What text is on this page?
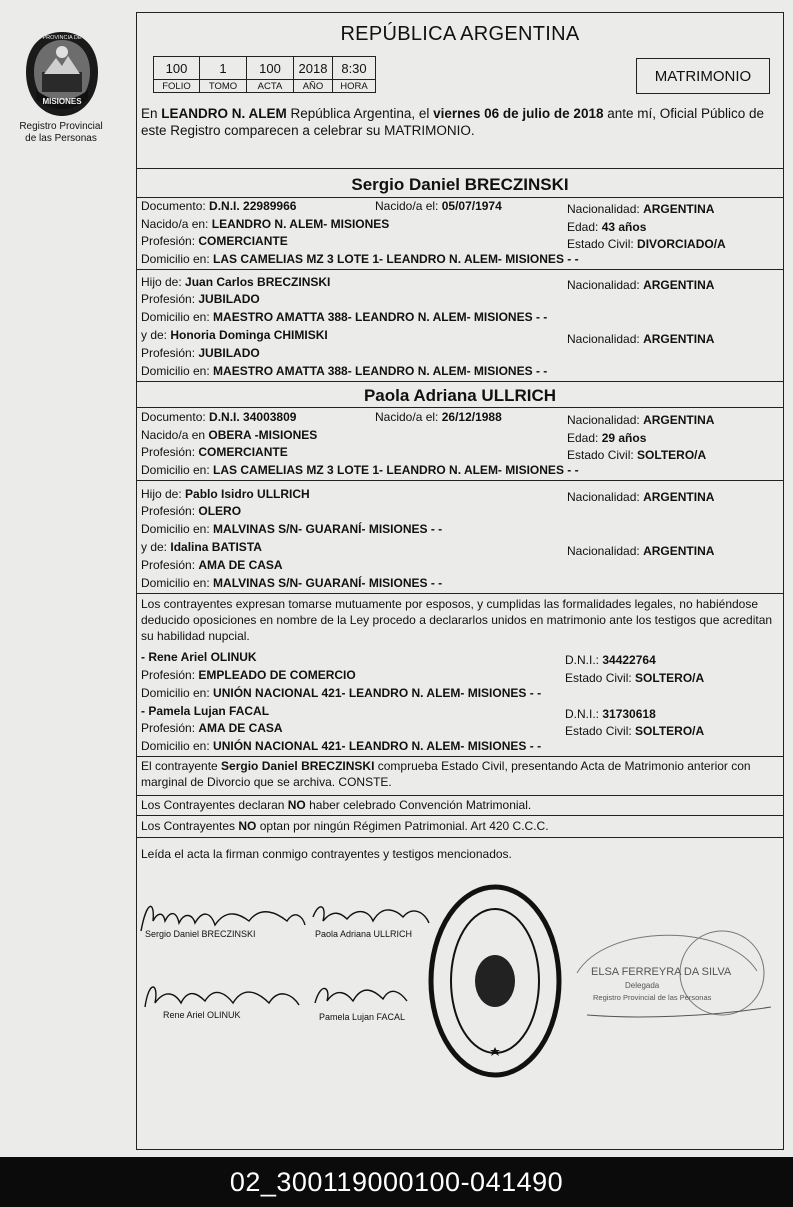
MISIONES
PROVINCIA DE
Registro Provincial
de las Personas
REPÚBLICA ARGENTINA
100	1	100	2018	8:30
FOLIO	TOMO	ACTA	AÑO	HORA
MATRIMONIO
En LEANDRO N. ALEM República Argentina, el viernes 06 de julio de 2018 ante mí, Oficial Público de este Registro comparecen a celebrar su MATRIMONIO.
Sergio Daniel BRECZINSKI
Documento: D.N.I. 22989966	Nacido/a el: 05/07/1974	Nacionalidad: ARGENTINA
Nacido/a en: LEANDRO N. ALEM- MISIONES	Edad: 43 años
Profesión: COMERCIANTE	Estado Civil: DIVORCIADO/A
Domicilio en: LAS CAMELIAS MZ 3 LOTE 1- LEANDRO N. ALEM- MISIONES - -
Hijo de: Juan Carlos BRECZINSKI	Nacionalidad: ARGENTINA
Profesión: JUBILADO
Domicilio en: MAESTRO AMATTA 388- LEANDRO N. ALEM- MISIONES - -
y de: Honoria Dominga CHIMISKI	Nacionalidad: ARGENTINA
Profesión: JUBILADO
Domicilio en: MAESTRO AMATTA 388- LEANDRO N. ALEM- MISIONES - -
Paola Adriana ULLRICH
Documento: D.N.I. 34003809	Nacido/a el: 26/12/1988	Nacionalidad: ARGENTINA
Nacido/a en OBERA -MISIONES	Edad: 29 años
Profesión: COMERCIANTE	Estado Civil: SOLTERO/A
Domicilio en: LAS CAMELIAS MZ 3 LOTE 1- LEANDRO N. ALEM- MISIONES - -
Hijo de: Pablo Isidro ULLRICH	Nacionalidad: ARGENTINA
Profesión: OLERO
Domicilio en: MALVINAS S/N- GUARANÍ- MISIONES - -
y de: Idalina BATISTA	Nacionalidad: ARGENTINA
Profesión: AMA DE CASA
Domicilio en: MALVINAS S/N- GUARANÍ- MISIONES - -
Los contrayentes expresan tomarse mutuamente por esposos, y cumplidas las formalidades legales, no habiéndose deducido oposiciones en nombre de la Ley procedo a declararlos unidos en matrimonio ante los testigos que acreditan su habilidad nupcial.
- Rene Ariel OLINUK	D.N.I.: 34422764
Profesión: EMPLEADO DE COMERCIO	Estado Civil: SOLTERO/A
Domicilio en: UNIÓN NACIONAL 421- LEANDRO N. ALEM- MISIONES - -
- Pamela Lujan FACAL	D.N.I.: 31730618
Profesión: AMA DE CASA	Estado Civil: SOLTERO/A
Domicilio en: UNIÓN NACIONAL 421- LEANDRO N. ALEM- MISIONES - -
El contrayente Sergio Daniel BRECZINSKI comprueba Estado Civil, presentando Acta de Matrimonio anterior con marginal de Divorcio que se archiva. CONSTE.
Los Contrayentes declaran NO haber celebrado Convención Matrimonial.
Los Contrayentes NO optan por ningún Régimen Patrimonial. Art 420 C.C.C.
Leída el acta la firman conmigo contrayentes y testigos mencionados.
Sergio Daniel BRECZINSKI	Paola Adriana ULLRICH
Rene Ariel OLINUK	Pamela Lujan FACAL
ELSA FERREYRA DA SILVA
Delegada
Registro Provincial de las Personas
02_300119000100-041490
